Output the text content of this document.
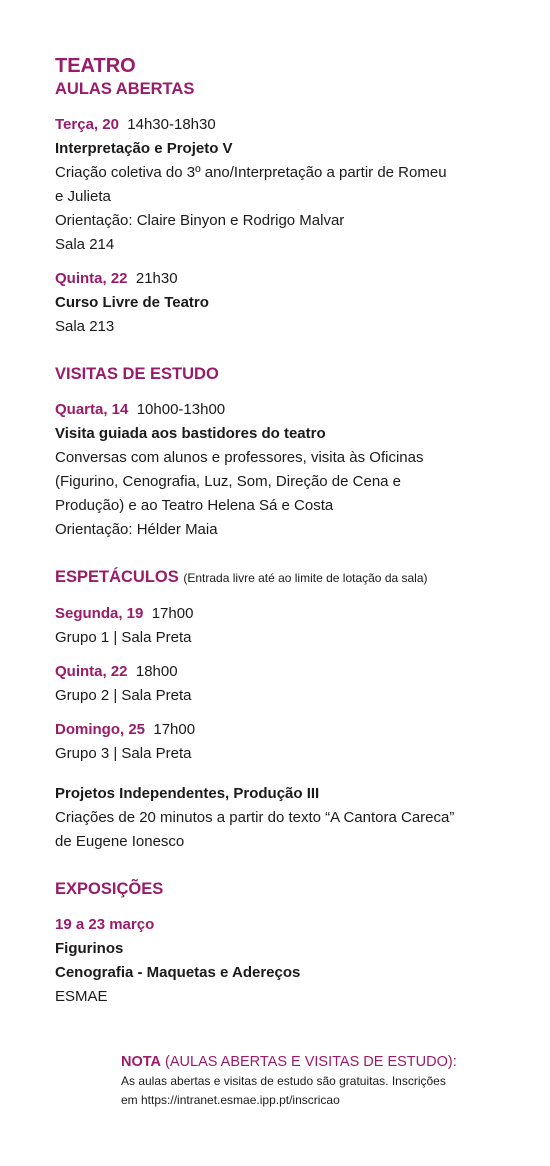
TEATRO
AULAS ABERTAS
Terça, 20 14h30-18h30
Interpretação e Projeto V
Criação coletiva do 3º ano/Interpretação a partir de Romeu
e Julieta
Orientação: Claire Binyon e Rodrigo Malvar
Sala 214
Quinta, 22 21h30
Curso Livre de Teatro
Sala 213
VISITAS DE ESTUDO
Quarta, 14 10h00-13h00
Visita guiada aos bastidores do teatro
Conversas com alunos e professores, visita às Oficinas
(Figurino, Cenografia, Luz, Som, Direção de Cena e
Produção) e ao Teatro Helena Sá e Costa
Orientação: Hélder Maia
ESPETÁCULOS (Entrada livre até ao limite de lotação da sala)
Segunda, 19 17h00
Grupo 1 | Sala Preta
Quinta, 22 18h00
Grupo 2 | Sala Preta
Domingo, 25 17h00
Grupo 3 | Sala Preta
Projetos Independentes, Produção III
Criações de 20 minutos a partir do texto “A Cantora Careca”
de Eugene Ionesco
EXPOSIÇÕES
19 a 23 março
Figurinos
Cenografia - Maquetas e Adereços
ESMAE
NOTA (AULAS ABERTAS E VISITAS DE ESTUDO):
As aulas abertas e visitas de estudo são gratuitas. Inscrições
em https://intranet.esmae.ipp.pt/inscricao
